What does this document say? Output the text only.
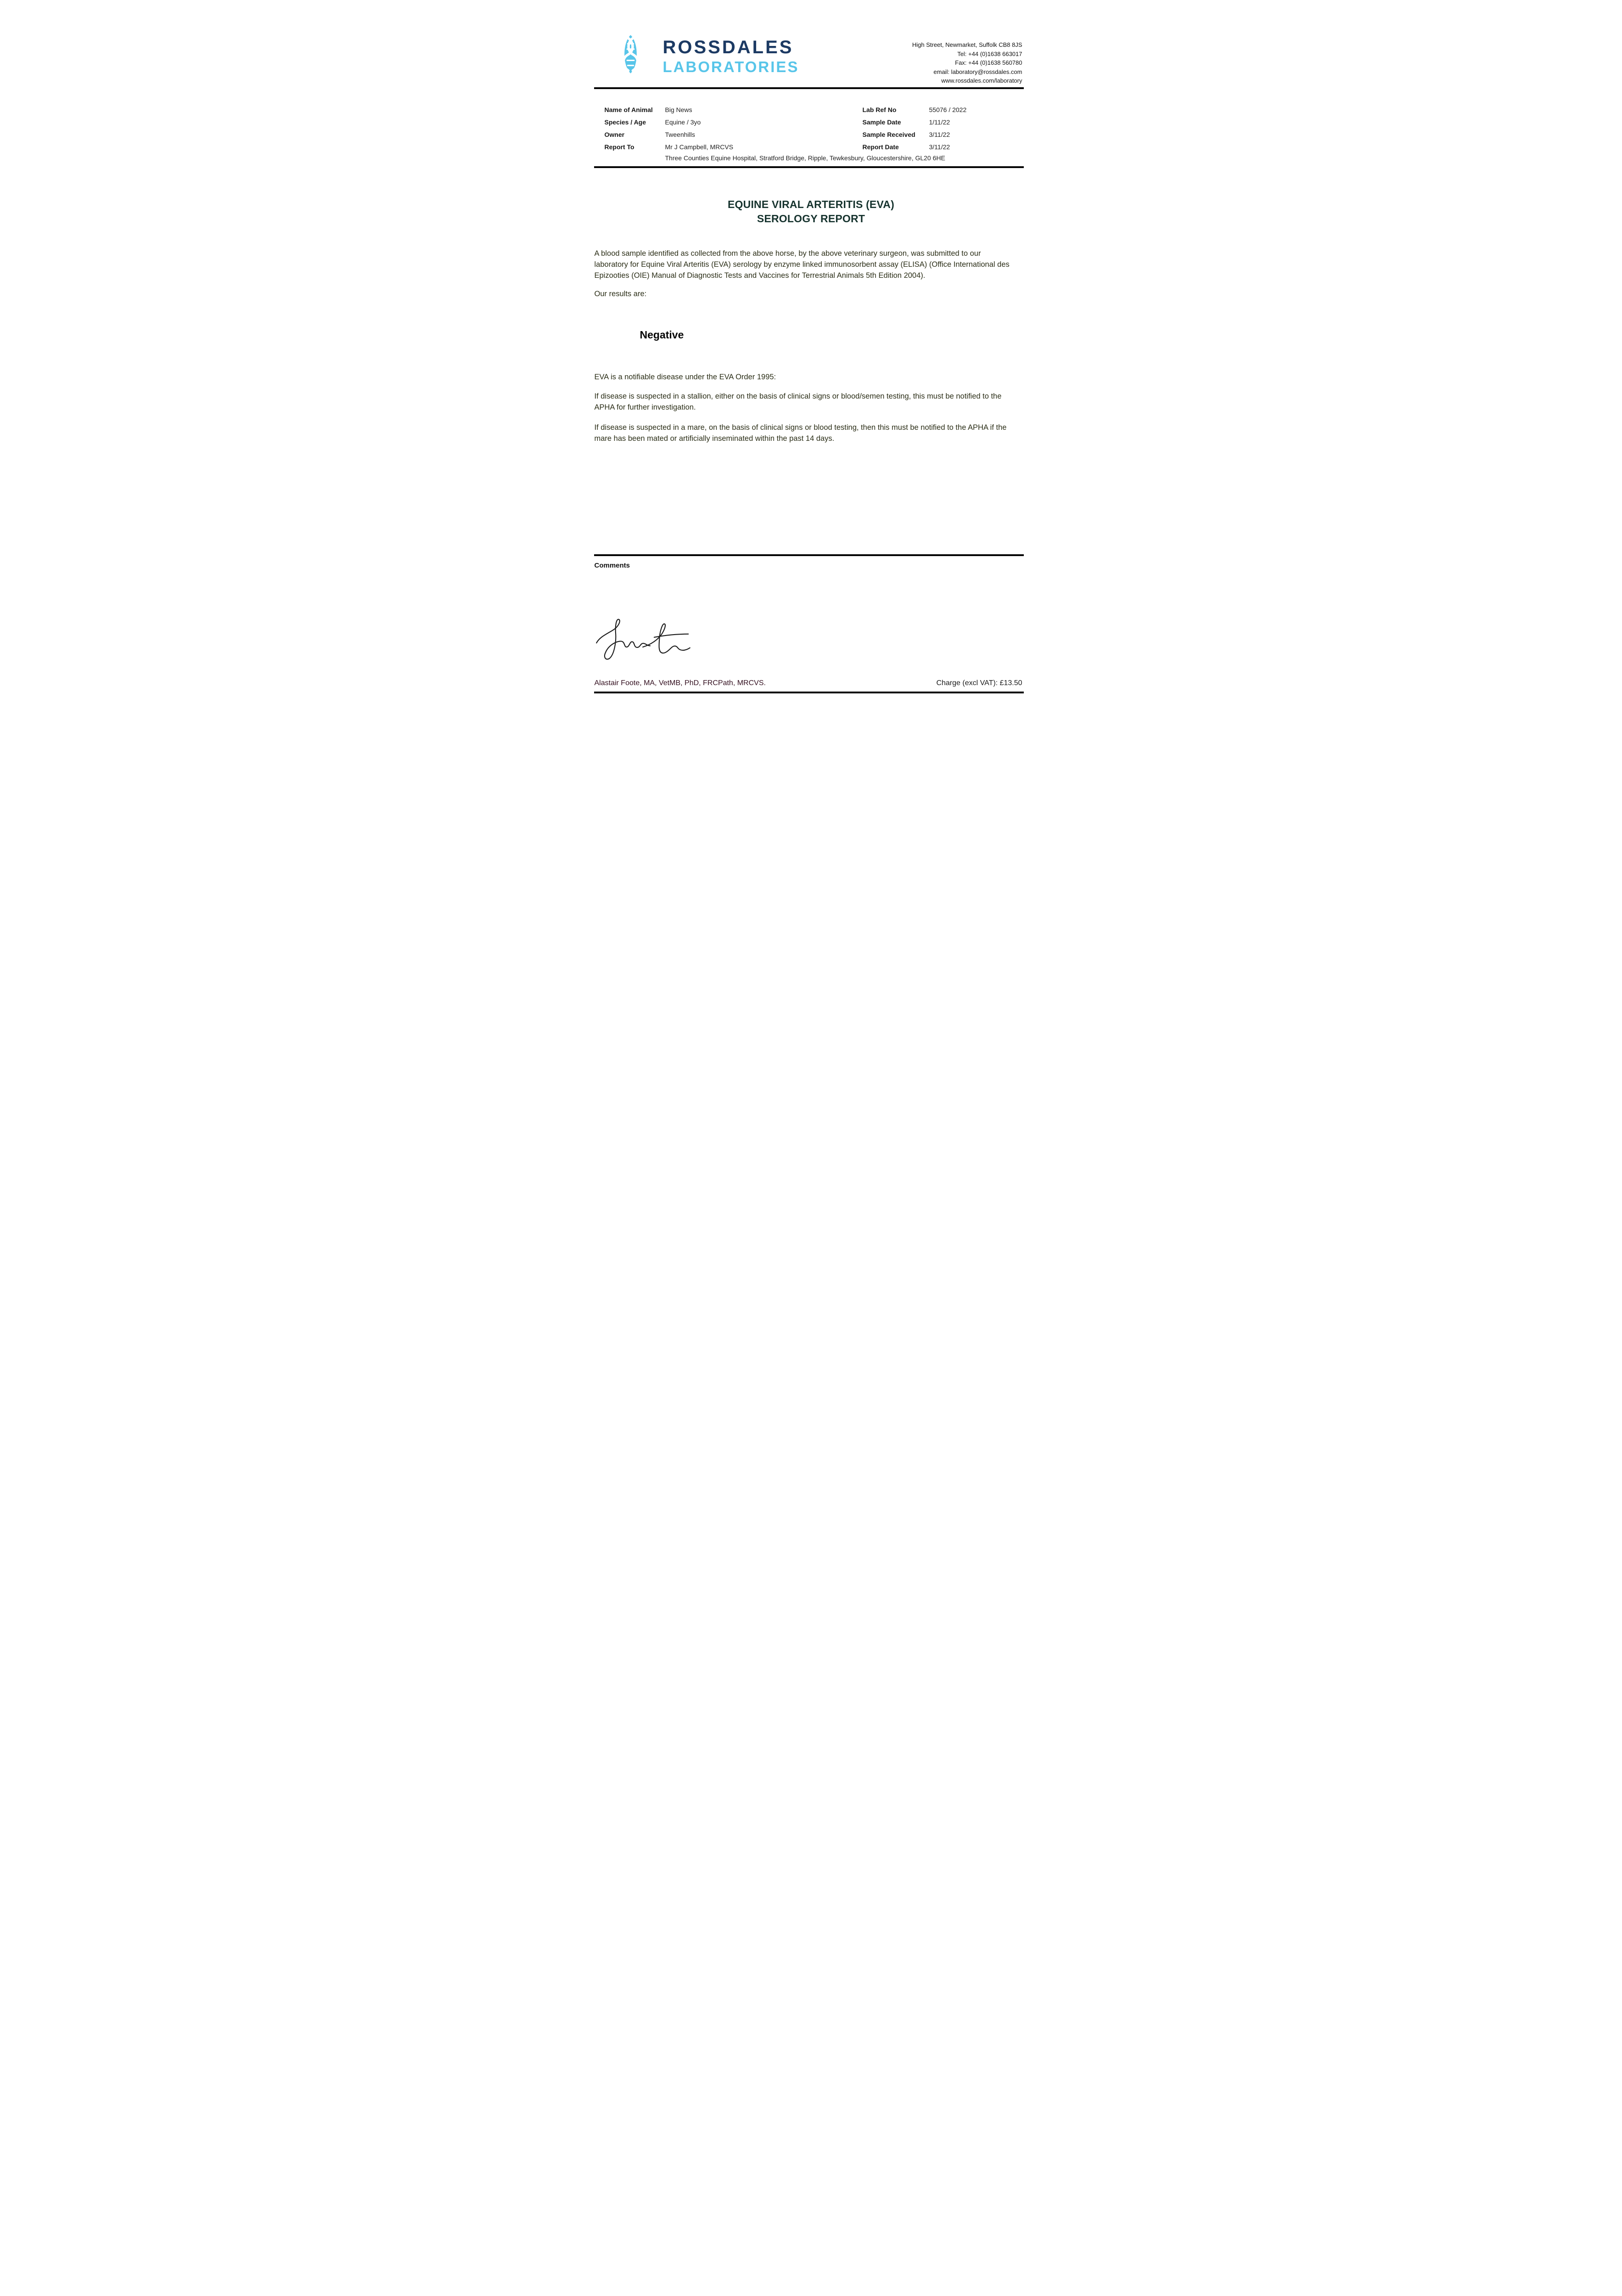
ROSSDALES
LABORATORIES
High Street, Newmarket, Suffolk CB8 8JS
Tel: +44 (0)1638 663017
Fax: +44 (0)1638 560780
email: laboratory@rossdales.com
www.rossdales.com/laboratory
Name of Animal	Big News	Lab Ref No	55076 / 2022
Species / Age	Equine / 3yo	Sample Date	1/11/22
Owner	Tweenhills	Sample Received	3/11/22
Report To	Mr J Campbell, MRCVS	Report Date	3/11/22
Three Counties Equine Hospital, Stratford Bridge, Ripple, Tewkesbury, Gloucestershire, GL20 6HE
EQUINE VIRAL ARTERITIS (EVA)
SEROLOGY REPORT

A blood sample identified as collected from the above horse, by the above veterinary surgeon, was submitted to our laboratory for Equine Viral Arteritis (EVA) serology by enzyme linked immunosorbent assay (ELISA) (Office International des Epizooties (OIE) Manual of Diagnostic Tests and Vaccines for Terrestrial Animals 5th Edition 2004).

Our results are:

Negative

EVA is a notifiable disease under the EVA Order 1995:

If disease is suspected in a stallion, either on the basis of clinical signs or blood/semen testing, this must be notified to the APHA for further investigation.

If disease is suspected in a mare, on the basis of clinical signs or blood testing, then this must be notified to the APHA if the mare has been mated or artificially inseminated within the past 14 days.

Comments
Alastair Foote, MA, VetMB, PhD, FRCPath, MRCVS.	Charge (excl VAT): £13.50
